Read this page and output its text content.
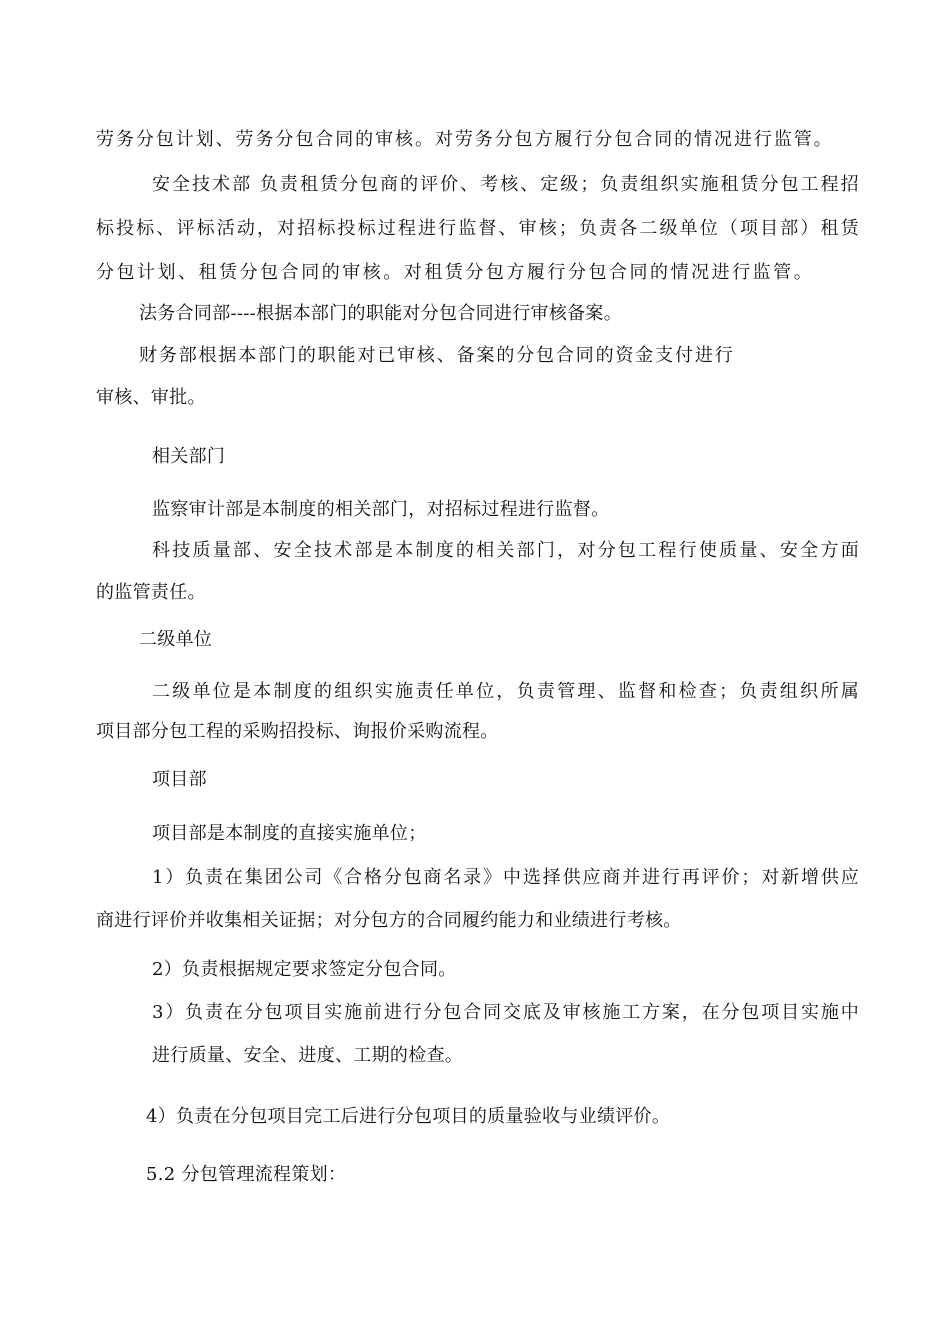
劳务分包计划、劳务分包合同的审核。对劳务分包方履行分包合同的情况进行监管。
安全技术部 负责租赁分包商的评价、考核、定级；负责组织实施租赁分包工程招
标投标、评标活动，对招标投标过程进行监督、审核；负责各二级单位（项目部）租赁
分包计划、租赁分包合同的审核。对租赁分包方履行分包合同的情况进行监管。
法务合同部----根据本部门的职能对分包合同进行审核备案。
财务部根据本部门的职能对已审核、备案的分包合同的资金支付进行
审核、审批。
相关部门
监察审计部是本制度的相关部门，对招标过程进行监督。
科技质量部、安全技术部是本制度的相关部门，对分包工程行使质量、安全方面
的监管责任。
二级单位
二级单位是本制度的组织实施责任单位，负责管理、监督和检查；负责组织所属
项目部分包工程的采购招投标、询报价采购流程。
项目部
项目部是本制度的直接实施单位；
1）负责在集团公司《合格分包商名录》中选择供应商并进行再评价；对新增供应
商进行评价并收集相关证据；对分包方的合同履约能力和业绩进行考核。
2）负责根据规定要求签定分包合同。
3）负责在分包项目实施前进行分包合同交底及审核施工方案，在分包项目实施中
进行质量、安全、进度、工期的检查。
4）负责在分包项目完工后进行分包项目的质量验收与业绩评价。
5.2 分包管理流程策划：
